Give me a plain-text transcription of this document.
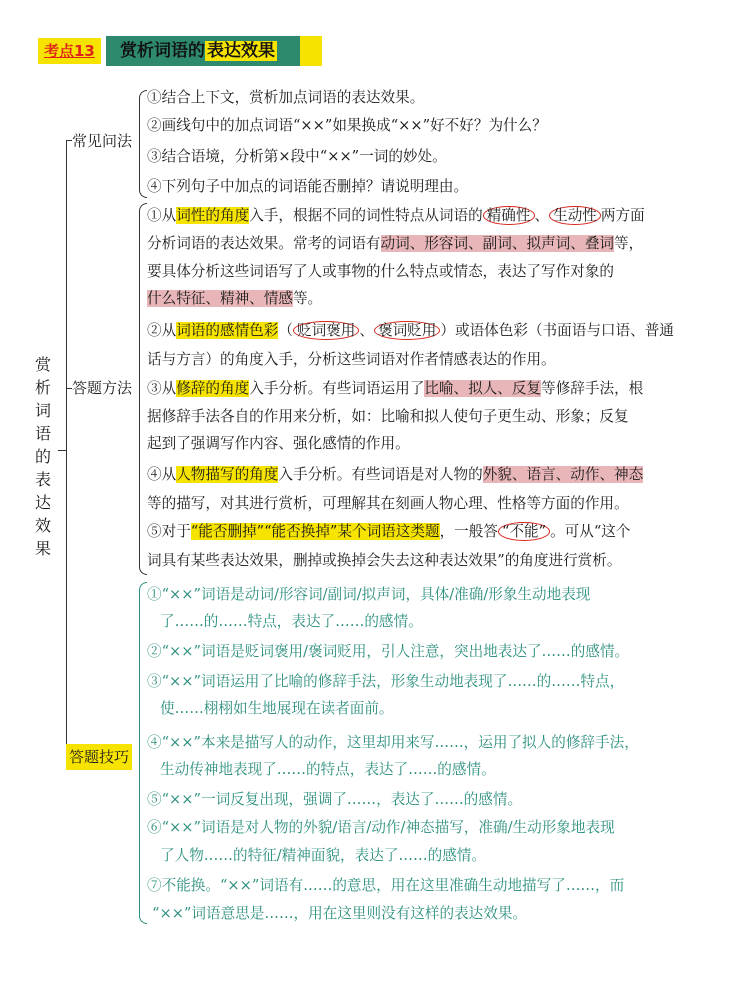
考点13	赏析词语的 表达效果
赏
析
词
语
的
表
达
效
果
常见问法
答题方法
答题技巧
①结合上下文，赏析加点词语的表达效果。
②画线句中的加点词语“××”如果换成“××”好不好？为什么？
③结合语境，分析第×段中“××”一词的妙处。
④下列句子中加点的词语能否删掉？请说明理由。
①从词性的角度入手，根据不同的词性特点从词语的 精确性 、 生动性 两方面
分析词语的表达效果。常考的词语有动词、形容词、副词、拟声词、叠词等，
要具体分析这些词语写了人或事物的什么特点或情态，表达了写作对象的
什么特征、精神、情感等。
②从词语的感情色彩（ 贬词褒用 、 褒词贬用 ）或语体色彩（书面语与口语、普通
话与方言）的角度入手，分析这些词语对作者情感表达的作用。
③从修辞的角度入手分析。有些词语运用了比喻、拟人、反复等修辞手法，根
据修辞手法各自的作用来分析，如：比喻和拟人使句子更生动、形象；反复
起到了强调写作内容、强化感情的作用。
④从人物描写的角度入手分析。有些词语是对人物的外貌、语言、动作、神态
等的描写，对其进行赏析，可理解其在刻画人物心理、性格等方面的作用。
⑤对于“能否删掉”“能否换掉”某个词语这类题，一般答 “不能” 。可从“这个
词具有某些表达效果，删掉或换掉会失去这种表达效果”的角度进行赏析。
①“××”词语是动词/形容词/副词/拟声词，具体/准确/形象生动地表现
了……的……特点，表达了……的感情。
②“××”词语是贬词褒用/褒词贬用，引人注意，突出地表达了……的感情。
③“××”词语运用了比喻的修辞手法，形象生动地表现了……的……特点，
使……栩栩如生地展现在读者面前。
④“××”本来是描写人的动作，这里却用来写……，运用了拟人的修辞手法，
生动传神地表现了……的特点，表达了……的感情。
⑤“××”一词反复出现，强调了……，表达了……的感情。
⑥“××”词语是对人物的外貌/语言/动作/神态描写，准确/生动形象地表现
了人物……的特征/精神面貌，表达了……的感情。
⑦不能换。“××”词语有……的意思，用在这里准确生动地描写了……，而
“××”词语意思是……，用在这里则没有这样的表达效果。
